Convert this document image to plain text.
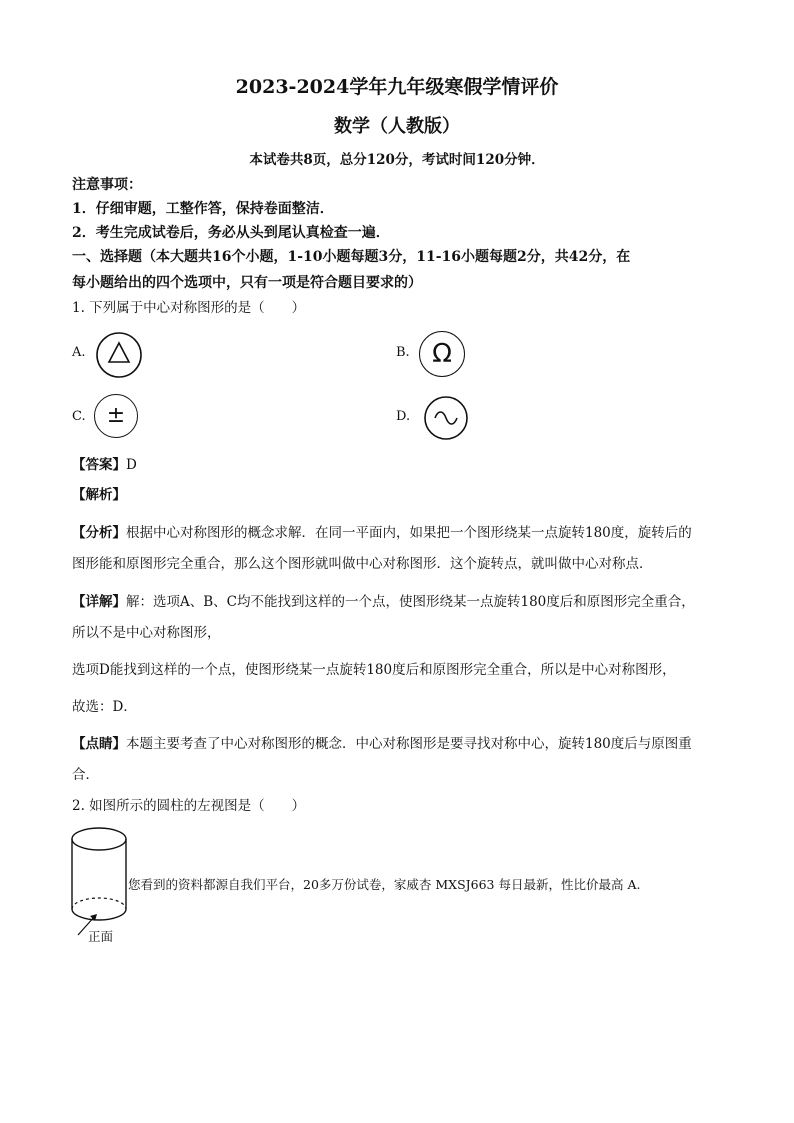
2023-2024学年九年级寒假学情评价
数学（人教版）
本试卷共8页，总分120分，考试时间120分钟．
注意事项：
1．仔细审题，工整作答，保持卷面整洁．
2．考生完成试卷后，务必从头到尾认真检查一遍．
一、选择题（本大题共16个小题，1-10小题每题3分，11-16小题每题2分，共42分，在
每小题给出的四个选项中，只有一项是符合题目要求的）
1. 下列属于中心对称图形的是（　　）
A.	B. Ω
C. ±	D.
【答案】D
【解析】
【分析】根据中心对称图形的概念求解．在同一平面内，如果把一个图形绕某一点旋转180度，旋转后的
图形能和原图形完全重合，那么这个图形就叫做中心对称图形．这个旋转点，就叫做中心对称点．
【详解】解：选项A、B、C均不能找到这样的一个点，使图形绕某一点旋转180度后和原图形完全重合，
所以不是中心对称图形，
选项D能找到这样的一个点，使图形绕某一点旋转180度后和原图形完全重合，所以是中心对称图形，
故选：D．
【点睛】本题主要考查了中心对称图形的概念．中心对称图形是要寻找对称中心，旋转180度后与原图重
合．
2. 如图所示的圆柱的左视图是（　　）
正面
您看到的资料都源自我们平台，20多万份试卷，家威杏 MXSJ663 每日最新，性比价最高 A.
